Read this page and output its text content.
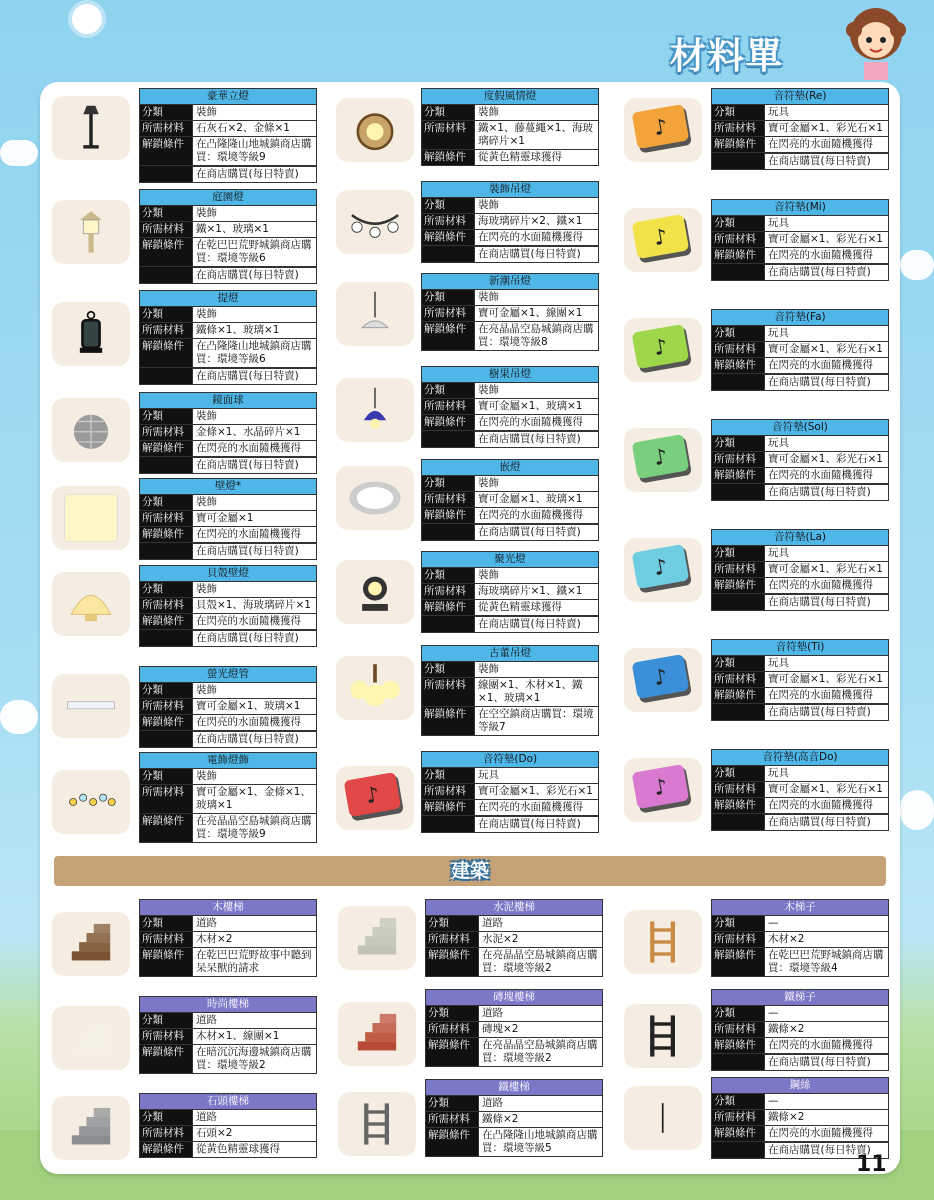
材料單
豪華立燈
分類	裝飾
所需材料	石灰石×2、金條×1
解鎖條件	在凸隆隆山地城鎮商店購買：環境等級9
在商店購買(每日特賣)
庭園燈
分類	裝飾
所需材料	鐵×1、玻璃×1
解鎖條件	在乾巴巴荒野城鎮商店購買：環境等級6
在商店購買(每日特賣)
提燈
分類	裝飾
所需材料	鐵條×1、玻璃×1
解鎖條件	在凸隆隆山地城鎮商店購買：環境等級6
在商店購買(每日特賣)
鏡面球
分類	裝飾
所需材料	金條×1、水晶碎片×1
解鎖條件	在閃亮的水面隨機獲得
在商店購買(每日特賣)
壁燈*
分類	裝飾
所需材料	寶可金屬×1
解鎖條件	在閃亮的水面隨機獲得
在商店購買(每日特賣)
貝殼壁燈
分類	裝飾
所需材料	貝殼×1、海玻璃碎片×1
解鎖條件	在閃亮的水面隨機獲得
在商店購買(每日特賣)
螢光燈管
分類	裝飾
所需材料	寶可金屬×1、玻璃×1
解鎖條件	在閃亮的水面隨機獲得
在商店購買(每日特賣)
電飾燈飾
分類	裝飾
所需材料	寶可金屬×1、金條×1、玻璃×1
解鎖條件	在亮晶晶空島城鎮商店購買：環境等級9
度假風情燈
分類	裝飾
所需材料	鐵×1、藤蔓繩×1、海玻璃碎片×1
解鎖條件	從黃色精靈球獲得
裝飾吊燈
分類	裝飾
所需材料	海玻璃碎片×2、鐵×1
解鎖條件	在閃亮的水面隨機獲得
在商店購買(每日特賣)
新潮吊燈
分類	裝飾
所需材料	寶可金屬×1、線團×1
解鎖條件	在亮晶晶空島城鎮商店購買：環境等級8
樹果吊燈
分類	裝飾
所需材料	寶可金屬×1、玻璃×1
解鎖條件	在閃亮的水面隨機獲得
在商店購買(每日特賣)
嵌燈
分類	裝飾
所需材料	寶可金屬×1、玻璃×1
解鎖條件	在閃亮的水面隨機獲得
在商店購買(每日特賣)
聚光燈
分類	裝飾
所需材料	海玻璃碎片×1、鐵×1
解鎖條件	從黃色精靈球獲得
在商店購買(每日特賣)
古董吊燈
分類	裝飾
所需材料	線團×1、木材×1、鐵×1、玻璃×1
解鎖條件	在空空鎮商店購買：環境等級7
♪
音符墊(Do)
分類	玩具
所需材料	寶可金屬×1、彩光石×1
解鎖條件	在閃亮的水面隨機獲得
在商店購買(每日特賣)
♪
音符墊(Re)
分類	玩具
所需材料	寶可金屬×1、彩光石×1
解鎖條件	在閃亮的水面隨機獲得
在商店購買(每日特賣)
♪
音符墊(Mi)
分類	玩具
所需材料	寶可金屬×1、彩光石×1
解鎖條件	在閃亮的水面隨機獲得
在商店購買(每日特賣)
♪
音符墊(Fa)
分類	玩具
所需材料	寶可金屬×1、彩光石×1
解鎖條件	在閃亮的水面隨機獲得
在商店購買(每日特賣)
♪
音符墊(Sol)
分類	玩具
所需材料	寶可金屬×1、彩光石×1
解鎖條件	在閃亮的水面隨機獲得
在商店購買(每日特賣)
♪
音符墊(La)
分類	玩具
所需材料	寶可金屬×1、彩光石×1
解鎖條件	在閃亮的水面隨機獲得
在商店購買(每日特賣)
♪
音符墊(Ti)
分類	玩具
所需材料	寶可金屬×1、彩光石×1
解鎖條件	在閃亮的水面隨機獲得
在商店購買(每日特賣)
♪
音符墊(高音Do)
分類	玩具
所需材料	寶可金屬×1、彩光石×1
解鎖條件	在閃亮的水面隨機獲得
在商店購買(每日特賣)
建築
木樓梯
分類	道路
所需材料	木材×2
解鎖條件	在乾巴巴荒野故事中聽到呆呆獸的請求
時尚樓梯
分類	道路
所需材料	木材×1、線團×1
解鎖條件	在暗沉沉海邊城鎮商店購買：環境等級2
石頭樓梯
分類	道路
所需材料	石頭×2
解鎖條件	從黃色精靈球獲得
水泥樓梯
分類	道路
所需材料	水泥×2
解鎖條件	在亮晶晶空島城鎮商店購買：環境等級2
磚塊樓梯
分類	道路
所需材料	磚塊×2
解鎖條件	在亮晶晶空島城鎮商店購買：環境等級2
鐵樓梯
分類	道路
所需材料	鐵條×2
解鎖條件	在凸隆隆山地城鎮商店購買：環境等級5
木梯子
分類	—
所需材料	木材×2
解鎖條件	在乾巴巴荒野城鎮商店購買：環境等級4
鐵梯子
分類	—
所需材料	鐵條×2
解鎖條件	在閃亮的水面隨機獲得
在商店購買(每日特賣)
鋼絲
分類	—
所需材料	鐵條×2
解鎖條件	在閃亮的水面隨機獲得
在商店購買(每日特賣)
11
